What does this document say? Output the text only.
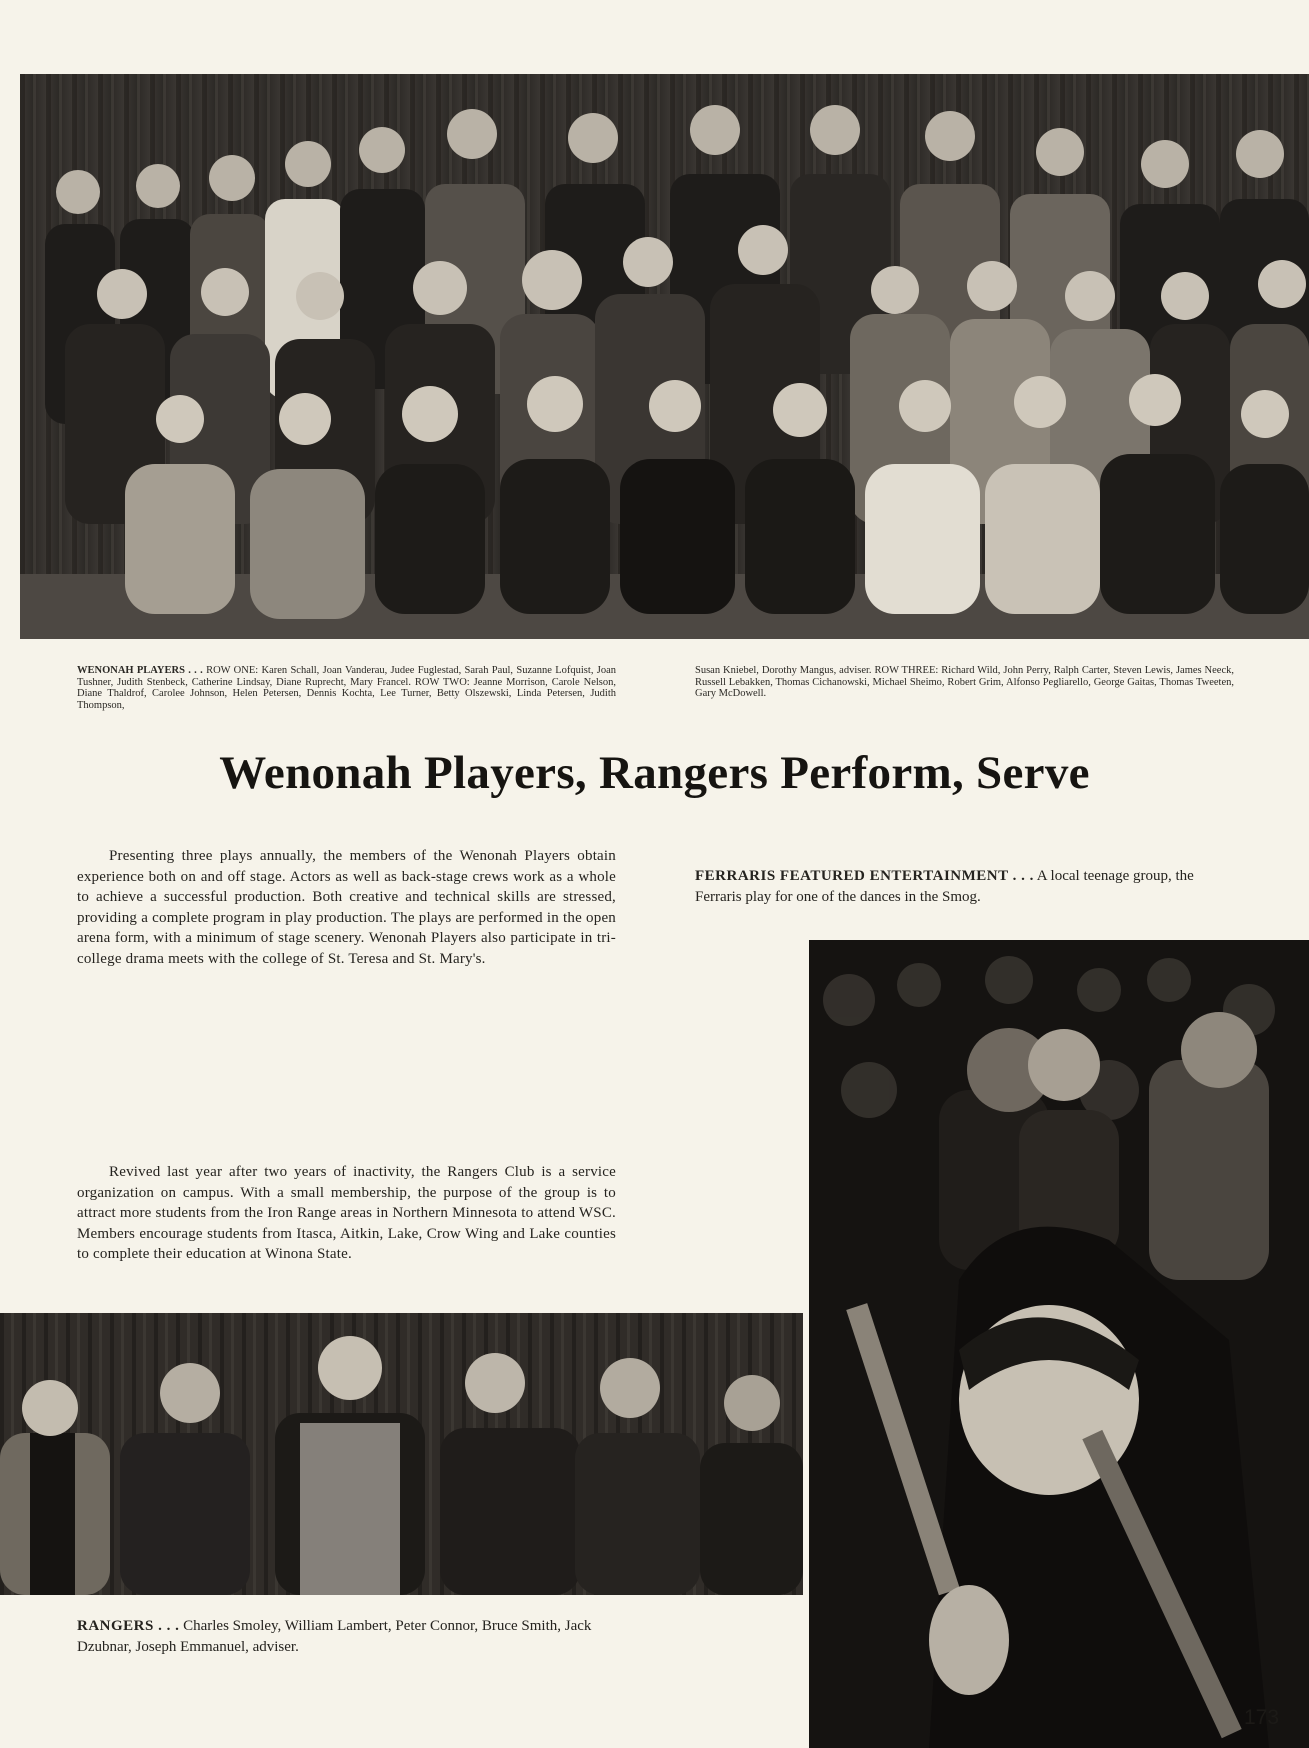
WENONAH PLAYERS . . . ROW ONE: Karen Schall, Joan Vanderau, Judee Fuglestad, Sarah Paul, Suzanne Lofquist, Joan Tushner, Judith Stenbeck, Catherine Lindsay, Diane Ruprecht, Mary Francel. ROW TWO: Jeanne Morrison, Carole Nelson, Diane Thaldrof, Carolee Johnson, Helen Petersen, Dennis Kochta, Lee Turner, Betty Olszewski, Linda Petersen, Judith Thompson,

Susan Kniebel, Dorothy Mangus, adviser. ROW THREE: Richard Wild, John Perry, Ralph Carter, Steven Lewis, James Neeck, Russell Lebakken, Thomas Cichanowski, Michael Sheimo, Robert Grim, Alfonso Pegliarello, George Gaitas, Thomas Tweeten, Gary McDowell.

Wenonah Players, Rangers Perform, Serve

Presenting three plays annually, the members of the Wenonah Players obtain experience both on and off stage. Actors as well as back-stage crews work as a whole to achieve a successful production. Both creative and technical skills are stressed, providing a complete program in play production. The plays are performed in the open arena form, with a minimum of stage scenery. Wenonah Players also participate in tri-college drama meets with the college of St. Teresa and St. Mary's.

FERRARIS FEATURED ENTERTAINMENT . . . A local teenage group, the Ferraris play for one of the dances in the Smog.

Revived last year after two years of inactivity, the Rangers Club is a service organization on campus. With a small membership, the purpose of the group is to attract more students from the Iron Range areas in Northern Minnesota to attend WSC. Members encourage students from Itasca, Aitkin, Lake, Crow Wing and Lake counties to complete their education at Winona State.

RANGERS . . . Charles Smoley, William Lambert, Peter Connor, Bruce Smith, Jack Dzubnar, Joseph Emmanuel, adviser.

173
